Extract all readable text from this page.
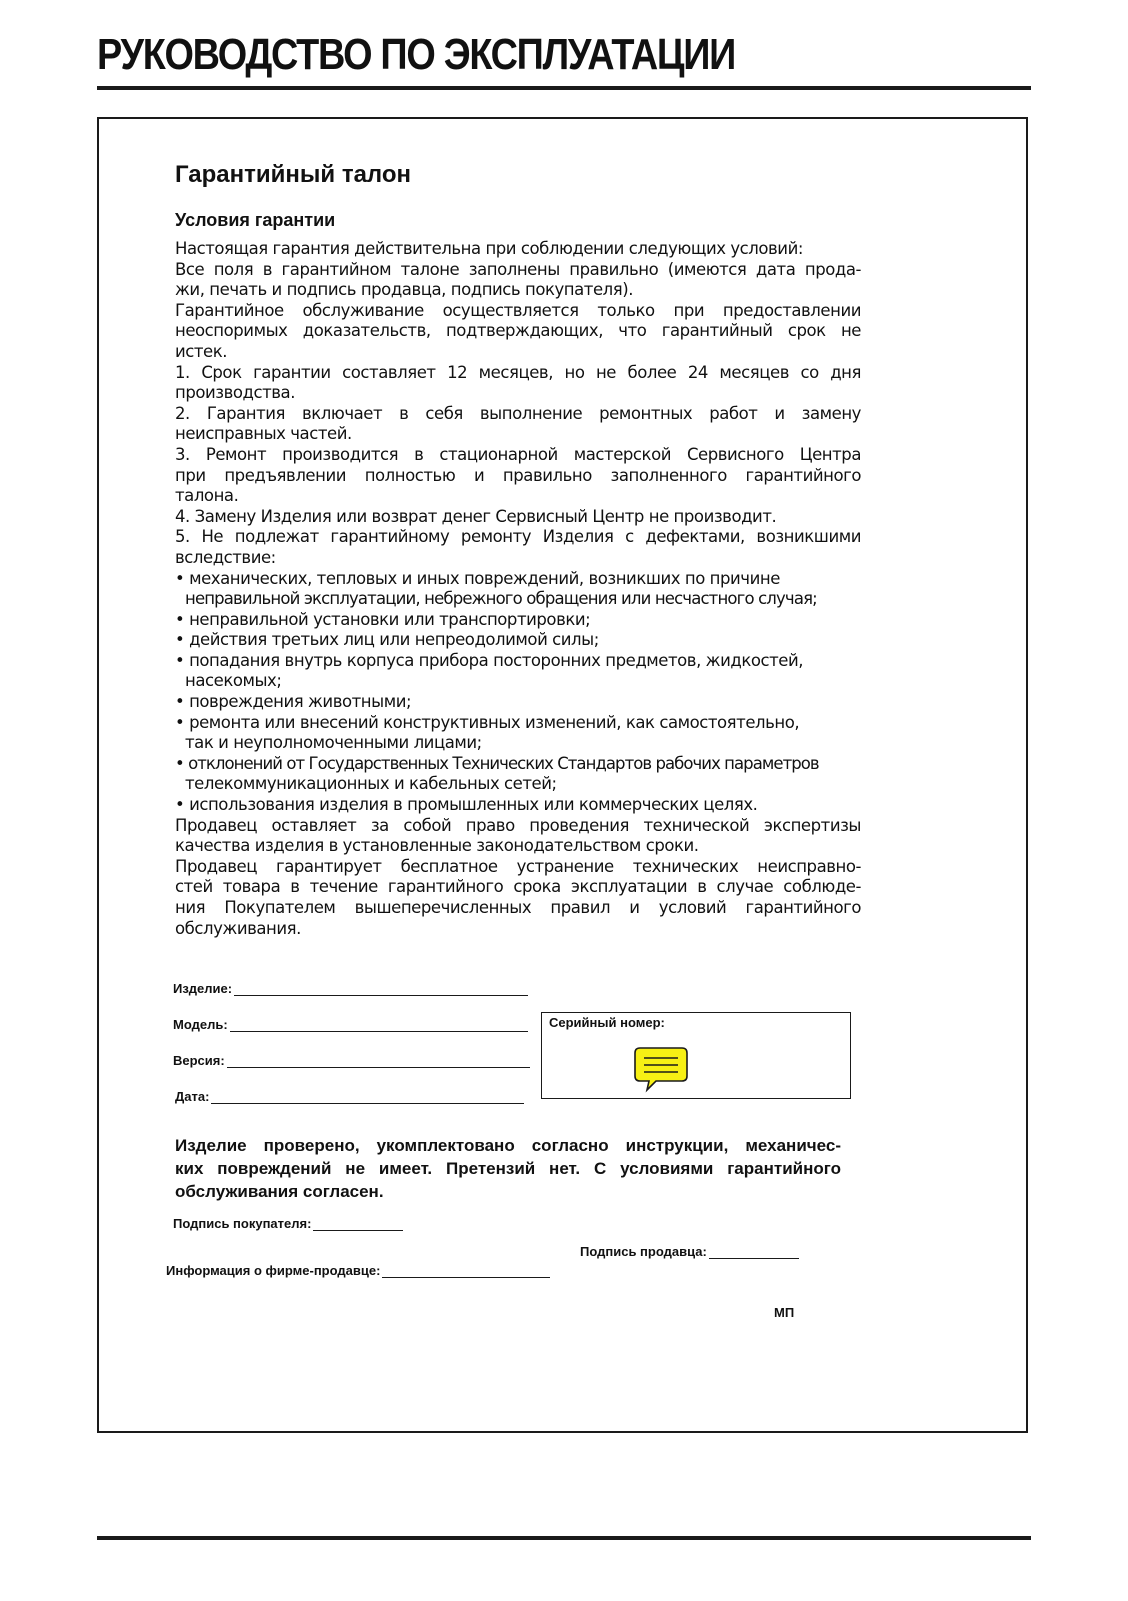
РУКОВОДСТВО ПО ЭКСПЛУАТАЦИИ
Гарантийный талон
Условия гарантии
Настоящая гарантия действительна при соблюдении следующих условий:
Все поля в гарантийном талоне заполнены правильно (имеются дата прода-
жи, печать и подпись продавца, подпись покупателя).
Гарантийное обслуживание осуществляется только при предоставлении
неоспоримых доказательств, подтверждающих, что гарантийный срок не
истек.
1. Срок гарантии составляет 12 месяцев, но не более 24 месяцев со дня
производства.
2. Гарантия включает в себя выполнение ремонтных работ и замену
неисправных частей.
3. Ремонт производится в стационарной мастерской Сервисного Центра
при предъявлении полностью и правильно заполненного гарантийного
талона.
4. Замену Изделия или возврат денег Сервисный Центр не производит.
5. Не подлежат гарантийному ремонту Изделия с дефектами, возникшими
вследствие:
• механических, тепловых и иных повреждений, возникших по причине
неправильной эксплуатации, небрежного обращения или несчастного случая;
• неправильной установки или транспортировки;
• действия третьих лиц или непреодолимой силы;
• попадания внутрь корпуса прибора посторонних предметов, жидкостей,
насекомых;
• повреждения животными;
• ремонта или внесений конструктивных изменений, как самостоятельно,
так и неуполномоченными лицами;
• отклонений от Государственных Технических Стандартов рабочих параметров
телекоммуникационных и кабельных сетей;
• использования изделия в промышленных или коммерческих целях.
Продавец оставляет за собой право проведения технической экспертизы
качества изделия в установленные законодательством сроки.
Продавец гарантирует бесплатное устранение технических неисправно-
стей товара в течение гарантийного срока эксплуатации в случае соблюде-
ния Покупателем вышеперечисленных правил и условий гарантийного
обслуживания.
Изделие:
Модель:
Версия:
Дата:
Серийный номер:
Изделие проверено, укомплектовано согласно инструкции, механичес-
ких повреждений не имеет. Претензий нет. С условиями гарантийного
обслуживания согласен.
Подпись покупателя:
Подпись продавца:
Информация о фирме-продавце:
МП
